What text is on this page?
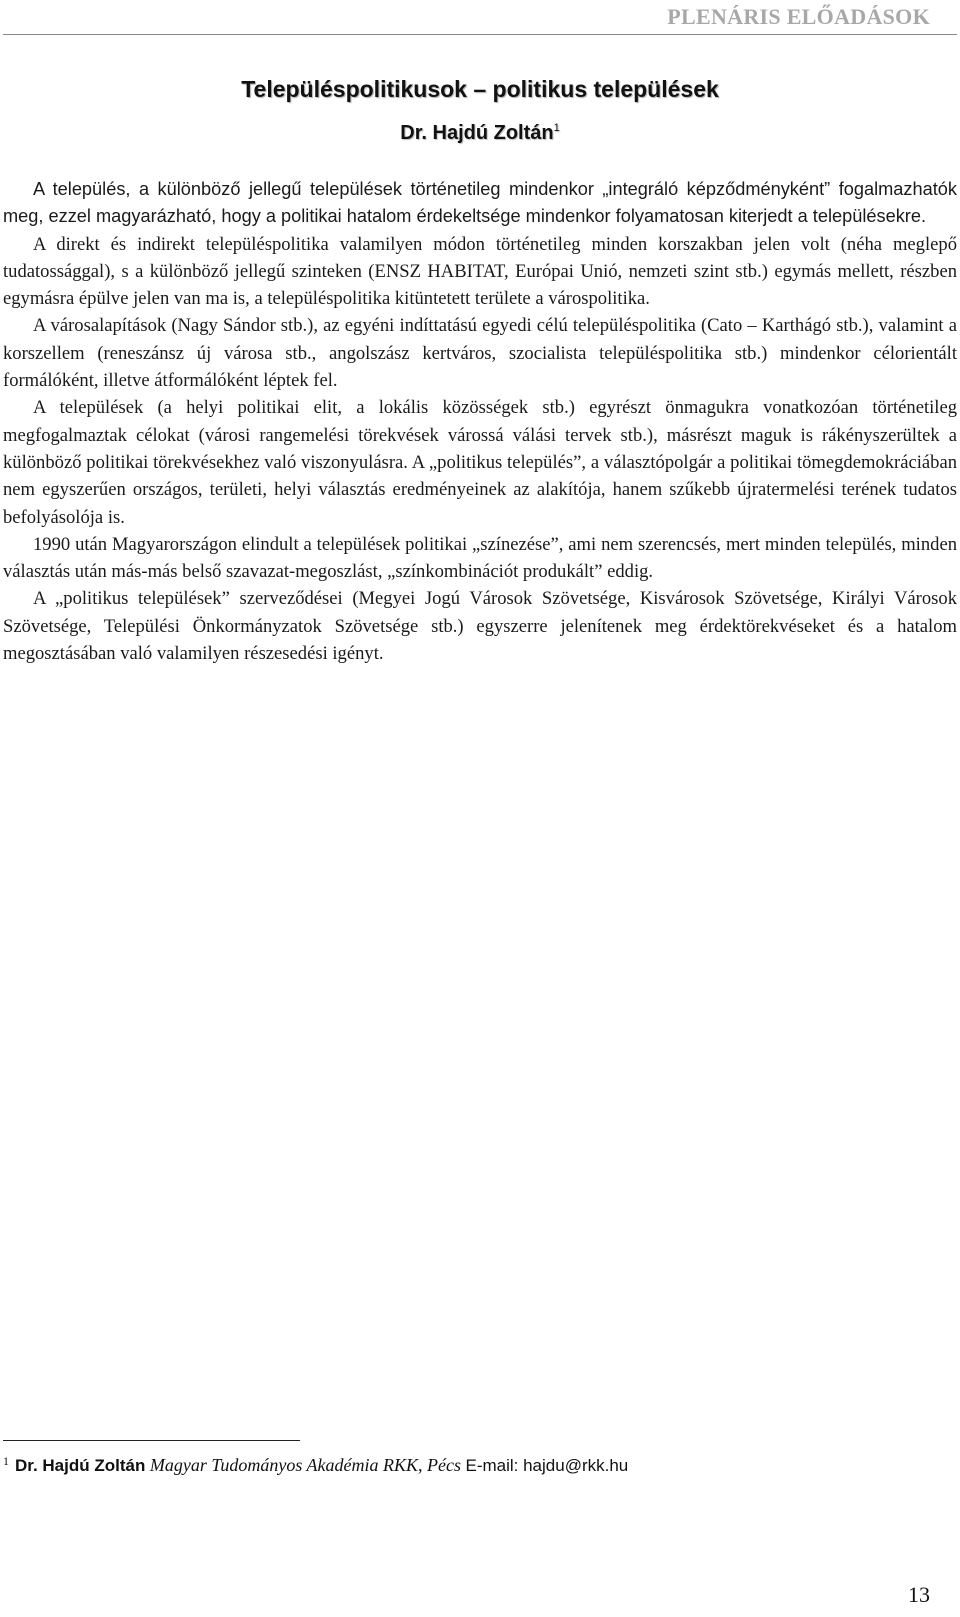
PLENÁRIS ELŐADÁSOK
Településpolitikusok – politikus települések
Dr. Hajdú Zoltán$^1$

A település, a különböző jellegű települések történetileg mindenkor „integráló képződményként” fogalmazhatók meg, ezzel magyarázható, hogy a politikai hatalom érdekeltsége mindenkor folyamatosan kiterjedt a településekre.

A direkt és indirekt településpolitika valamilyen módon történetileg minden korszakban jelen volt (néha meglepő tudatossággal), s a különböző jellegű szinteken (ENSZ HABITAT, Európai Unió, nemzeti szint stb.) egymás mellett, részben egymásra épülve jelen van ma is, a településpolitika kitüntetett területe a várospolitika.

A városalapítások (Nagy Sándor stb.), az egyéni indíttatású egyedi célú településpolitika (Cato – Karthágó stb.), valamint a korszellem (reneszánsz új városa stb., angolszász kertváros, szocialista településpolitika stb.) mindenkor célorientált formálóként, illetve átformálóként léptek fel.

A települések (a helyi politikai elit, a lokális közösségek stb.) egyrészt önmagukra vonatkozóan történetileg megfogalmaztak célokat (városi rangemelési törekvések várossá válási tervek stb.), másrészt maguk is rákényszerültek a különböző politikai törekvésekhez való viszonyulásra. A „politikus település”, a választópolgár a politikai tömegdemokráciában nem egyszerűen országos, területi, helyi választás eredményeinek az alakítója, hanem szűkebb újratermelési terének tudatos befolyásolója is.

1990 után Magyarországon elindult a települések politikai „színezése”, ami nem szerencsés, mert minden település, minden választás után más-más belső szavazat-megoszlást, „színkombinációt produkált” eddig.

A „politikus települések” szerveződései (Megyei Jogú Városok Szövetsége, Kisvárosok Szövetsége, Királyi Városok Szövetsége, Települési Önkormányzatok Szövetsége stb.) egyszerre jelenítenek meg érdektörekvéseket és a hatalom megosztásában való valamilyen részesedési igényt.

$^1$ Dr. Hajdú Zoltán Magyar Tudományos Akadémia RKK, Pécs E-mail: hajdu@rkk.hu
13
